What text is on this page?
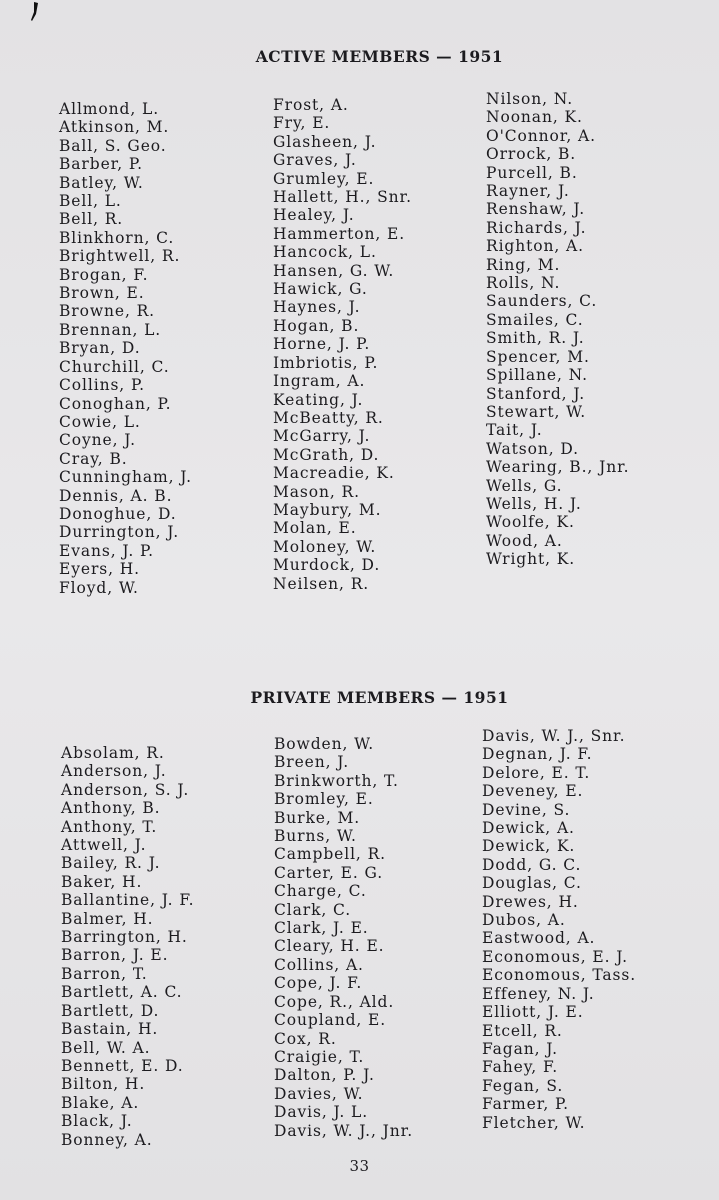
ACTIVE MEMBERS — 1951
Allmond, L.
Atkinson, M.
Ball, S. Geo.
Barber, P.
Batley, W.
Bell, L.
Bell, R.
Blinkhorn, C.
Brightwell, R.
Brogan, F.
Brown, E.
Browne, R.
Brennan, L.
Bryan, D.
Churchill, C.
Collins, P.
Conoghan, P.
Cowie, L.
Coyne, J.
Cray, B.
Cunningham, J.
Dennis, A. B.
Donoghue, D.
Durrington, J.
Evans, J. P.
Eyers, H.
Floyd, W.
Frost, A.
Fry, E.
Glasheen, J.
Graves, J.
Grumley, E.
Hallett, H., Snr.
Healey, J.
Hammerton, E.
Hancock, L.
Hansen, G. W.
Hawick, G.
Haynes, J.
Hogan, B.
Horne, J. P.
Imbriotis, P.
Ingram, A.
Keating, J.
McBeatty, R.
McGarry, J.
McGrath, D.
Macreadie, K.
Mason, R.
Maybury, M.
Molan, E.
Moloney, W.
Murdock, D.
Neilsen, R.
Nilson, N.
Noonan, K.
O'Connor, A.
Orrock, B.
Purcell, B.
Rayner, J.
Renshaw, J.
Richards, J.
Righton, A.
Ring, M.
Rolls, N.
Saunders, C.
Smailes, C.
Smith, R. J.
Spencer, M.
Spillane, N.
Stanford, J.
Stewart, W.
Tait, J.
Watson, D.
Wearing, B., Jnr.
Wells, G.
Wells, H. J.
Woolfe, K.
Wood, A.
Wright, K.
PRIVATE MEMBERS — 1951
Absolam, R.
Anderson, J.
Anderson, S. J.
Anthony, B.
Anthony, T.
Attwell, J.
Bailey, R. J.
Baker, H.
Ballantine, J. F.
Balmer, H.
Barrington, H.
Barron, J. E.
Barron, T.
Bartlett, A. C.
Bartlett, D.
Bastain, H.
Bell, W. A.
Bennett, E. D.
Bilton, H.
Blake, A.
Black, J.
Bonney, A.
Bowden, W.
Breen, J.
Brinkworth, T.
Bromley, E.
Burke, M.
Burns, W.
Campbell, R.
Carter, E. G.
Charge, C.
Clark, C.
Clark, J. E.
Cleary, H. E.
Collins, A.
Cope, J. F.
Cope, R., Ald.
Coupland, E.
Cox, R.
Craigie, T.
Dalton, P. J.
Davies, W.
Davis, J. L.
Davis, W. J., Jnr.
Davis, W. J., Snr.
Degnan, J. F.
Delore, E. T.
Deveney, E.
Devine, S.
Dewick, A.
Dewick, K.
Dodd, G. C.
Douglas, C.
Drewes, H.
Dubos, A.
Eastwood, A.
Economous, E. J.
Economous, Tass.
Effeney, N. J.
Elliott, J. E.
Etcell, R.
Fagan, J.
Fahey, F.
Fegan, S.
Farmer, P.
Fletcher, W.
33
